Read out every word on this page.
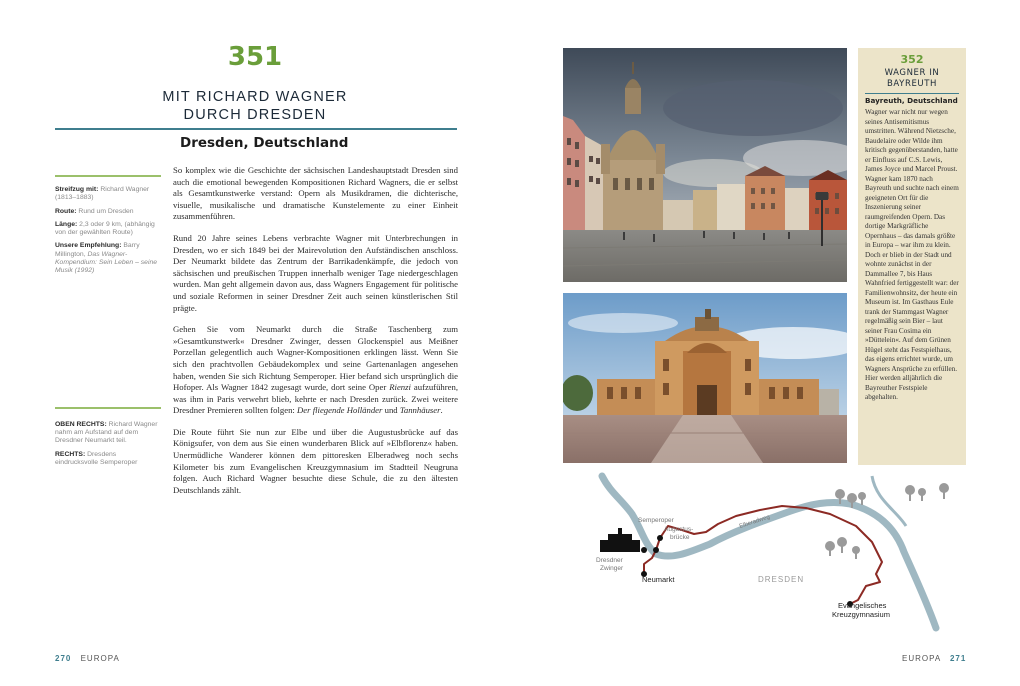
351
MIT RICHARD WAGNER
DURCH DRESDEN
Dresden, Deutschland
Streifzug mit: Richard Wagner (1813–1883)
Route: Rund um Dresden
Länge: 2,3 oder 9 km, (abhängig von der gewählten Route)
Unsere Empfehlung: Barry Millington, Das Wagner-Kompendium: Sein Leben – seine Musik (1992)
OBEN RECHTS: Richard Wagner nahm am Aufstand auf dem Dresdner Neumarkt teil.
RECHTS: Dresdens eindrucksvolle Semperoper

So komplex wie die Geschichte der sächsischen Landeshauptstadt Dresden sind auch die emotional bewegenden Kompositionen Richard Wagners, die er selbst als Gesamtkunstwerke verstand: Opern als Musikdramen, die dichterische, visuelle, musikalische und dramatische Kunstelemente zu einer Einheit zusammenführen.

Rund 20 Jahre seines Lebens verbrachte Wagner mit Unterbrechungen in Dresden, wo er sich 1849 bei der Mairevolution den Aufständischen anschloss. Der Neumarkt bildete das Zentrum der Barrikadenkämpfe, die jedoch von sächsischen und preußischen Truppen innerhalb weniger Tage niedergeschlagen wurden. Man geht allgemein davon aus, dass Wagners Engagement für politische und soziale Reformen in seiner Dresdner Zeit auch seinen künstlerischen Stil prägte.

Gehen Sie vom Neumarkt durch die Straße Taschenberg zum »Gesamtkunstwerk« Dresdner Zwinger, dessen Glockenspiel aus Meißner Porzellan gelegentlich auch Wagner-Kompositionen erklingen lässt. Wenn Sie sich den prachtvollen Gebäudekomplex und seine Gartenanlagen angesehen haben, wenden Sie sich Richtung Semperoper. Hier befand sich ursprünglich die Hofoper. Als Wagner 1842 zugesagt wurde, dort seine Oper Rienzi aufzuführen, was ihm in Paris verwehrt blieb, kehrte er nach Dresden zurück. Zwei weitere Dresdner Premieren sollten folgen: Der fliegende Holländer und Tannhäuser.

Die Route führt Sie nun zur Elbe und über die Augustusbrücke auf das Königsufer, von dem aus Sie einen wunderbaren Blick auf »Elbflorenz« haben. Unermüdliche Wanderer können dem pittoresken Elberadweg noch sechs Kilometer bis zum Evangelischen Kreuzgymnasium im Stadtteil Neugruna folgen. Auch Richard Wagner besuchte diese Schule, die zu den ältesten Deutschlands zählt.

270 EUROPA
352
WAGNER IN
BAYREUTH
Bayreuth, Deutschland
Wagner war nicht nur wegen seines Antisemitismus umstritten. Während Nietzsche, Baudelaire oder Wilde ihm kritisch gegenüberstanden, hatte er Einfluss auf C.S. Lewis, James Joyce und Marcel Proust. Wagner kam 1870 nach Bayreuth und suchte nach einem geeigneten Ort für die Inszenierung seiner raumgreifenden Opern. Das dortige Markgräfliche Opernhaus – das damals größte in Europa – war ihm zu klein. Doch er blieb in der Stadt und wohnte zunächst in der Dammallee 7, bis Haus Wahnfried fertiggestellt war: der Familienwohnsitz, der heute ein Museum ist. Im Gasthaus Eule trank der Stammgast Wagner regelmäßig sein Bier – laut seiner Frau Cosima ein »Düttelein«. Auf dem Grünen Hügel steht das Festspielhaus, das eigens errichtet wurde, um Wagners Ansprüche zu erfüllen. Hier werden alljährlich die Bayreuther Festspiele abgehalten.
Semperoper
Augustus-
brücke
Dresdner
Zwinger
Neumarkt
Elberadweg
DRESDEN
Evangelisches
Kreuzgymnasium
EUROPA 271
